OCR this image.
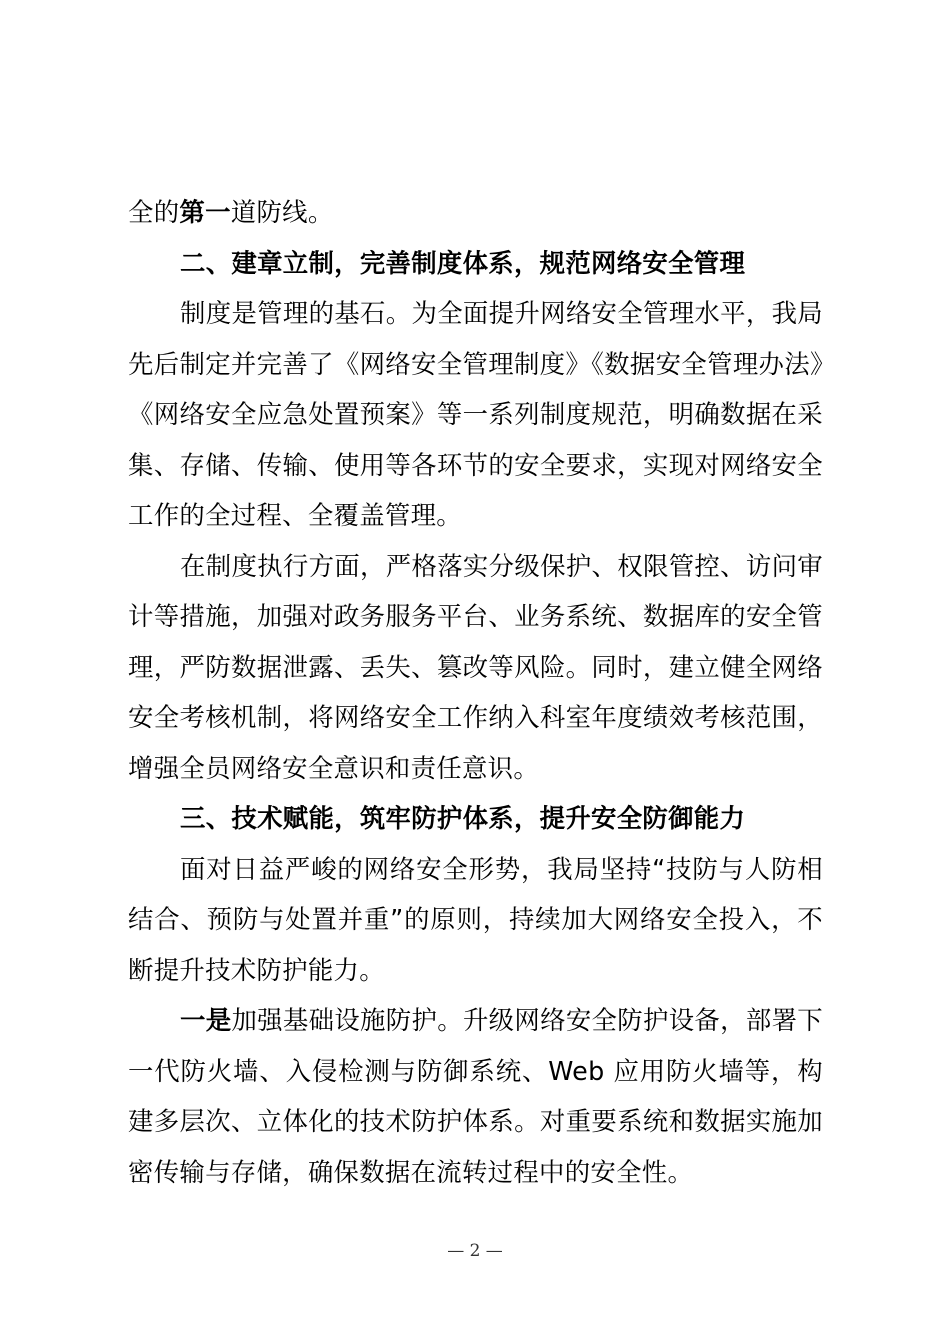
全的第一道防线。

二、建章立制，完善制度体系，规范网络安全管理

制度是管理的基石。为全面提升网络安全管理水平，我局先后制定并完善了《网络安全管理制度》《数据安全管理办法》《网络安全应急处置预案》等一系列制度规范，明确数据在采集、存储、传输、使用等各环节的安全要求，实现对网络安全工作的全过程、全覆盖管理。

在制度执行方面，严格落实分级保护、权限管控、访问审计等措施，加强对政务服务平台、业务系统、数据库的安全管理，严防数据泄露、丢失、篡改等风险。同时，建立健全网络安全考核机制，将网络安全工作纳入科室年度绩效考核范围，增强全员网络安全意识和责任意识。

三、技术赋能，筑牢防护体系，提升安全防御能力

面对日益严峻的网络安全形势，我局坚持“技防与人防相结合、预防与处置并重”的原则，持续加大网络安全投入，不断提升技术防护能力。

一是加强基础设施防护。升级网络安全防护设备，部署下一代防火墙、入侵检测与防御系统、Web 应用防火墙等，构建多层次、立体化的技术防护体系。对重要系统和数据实施加密传输与存储，确保数据在流转过程中的安全性。

— 2 —
